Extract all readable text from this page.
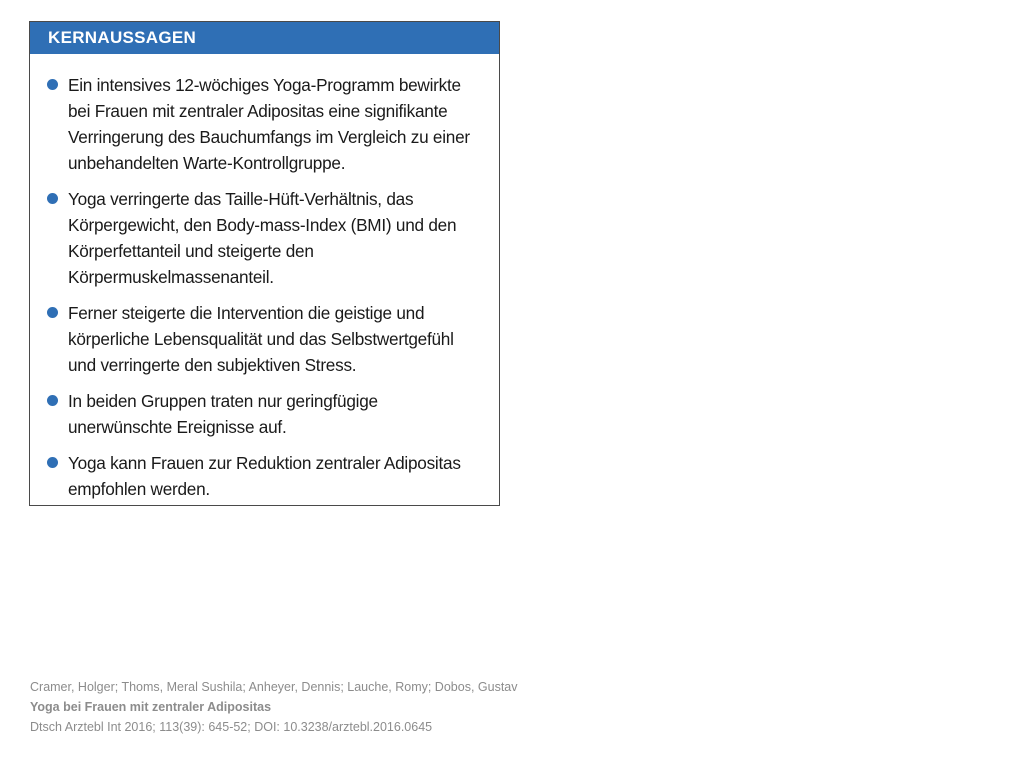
KERNAUSSAGEN
Ein intensives 12-wöchiges Yoga-Programm bewirkte bei Frauen mit zentraler Adipositas eine signifikante Verringerung des Bauchumfangs im Vergleich zu einer unbehandelten Warte-Kontrollgruppe.
Yoga verringerte das Taille-Hüft-Verhältnis, das Körpergewicht, den Body-mass-Index (BMI) und den Körperfettanteil und steigerte den Körpermuskelmassenanteil.
Ferner steigerte die Intervention die geistige und körperliche Lebensqualität und das Selbstwertgefühl und verringerte den subjektiven Stress.
In beiden Gruppen traten nur geringfügige unerwünschte Ereignisse auf.
Yoga kann Frauen zur Reduktion zentraler Adipositas empfohlen werden.
Cramer, Holger; Thoms, Meral Sushila; Anheyer, Dennis; Lauche, Romy; Dobos, Gustav
Yoga bei Frauen mit zentraler Adipositas
Dtsch Arztebl Int 2016; 113(39): 645-52; DOI: 10.3238/arztebl.2016.0645
